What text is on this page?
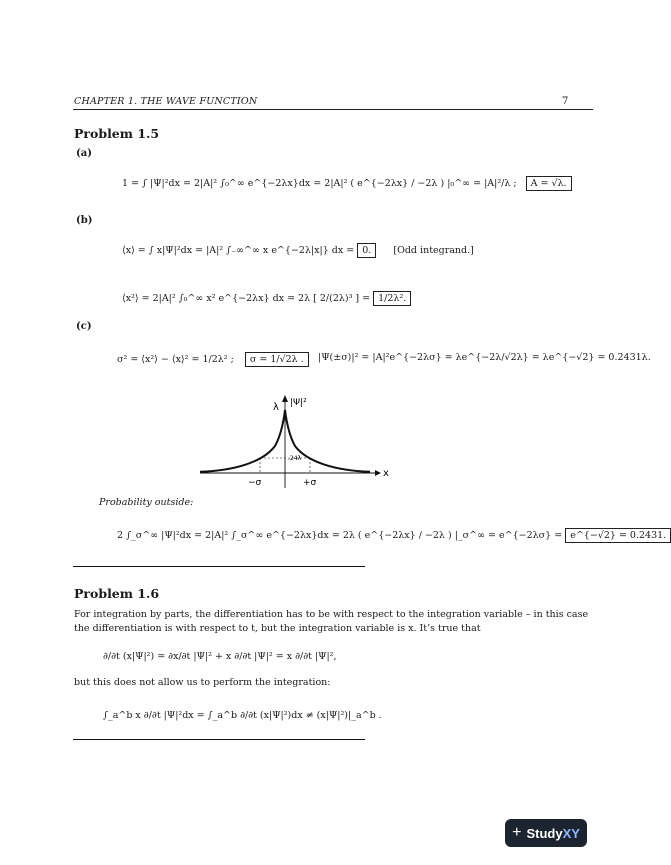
CHAPTER 1. THE WAVE FUNCTION	7
Problem 1.5
(a)
1 = ∫ |Ψ|²dx = 2|A|² ∫₀^∞ e^{−2λx}dx = 2|A|² ( e^{−2λx} / −2λ ) |₀^∞ = |A|²/λ ; A = √λ.
(b)
⟨x⟩ = ∫ x|Ψ|²dx = |A|² ∫₋∞^∞ x e^{−2λ|x|} dx = 0. [Odd integrand.]
⟨x²⟩ = 2|A|² ∫₀^∞ x² e^{−2λx} dx = 2λ [ 2/(2λ)³ ] = 1/2λ².
(c)
σ² = ⟨x²⟩ − ⟨x⟩² = 1/2λ² ; σ = 1/√2λ .	|Ψ(±σ)|² = |A|²e^{−2λσ} = λe^{−2λ/√2λ} = λe^{−√2} = 0.2431λ.
λ |Ψ|²
x
.24λ
−σ	+σ
Probability outside:
2 ∫_σ^∞ |Ψ|²dx = 2|A|² ∫_σ^∞ e^{−2λx}dx = 2λ ( e^{−2λx} / −2λ ) |_σ^∞ = e^{−2λσ} = e^{−√2} = 0.2431.
Problem 1.6
For integration by parts, the differentiation has to be with respect to the integration variable – in this case the differentiation is with respect to t, but the integration variable is x. It’s true that
∂/∂t (x|Ψ|²) = ∂x/∂t |Ψ|² + x ∂/∂t |Ψ|² = x ∂/∂t |Ψ|²,
but this does not allow us to perform the integration:
∫_a^b x ∂/∂t |Ψ|²dx = ∫_a^b ∂/∂t (x|Ψ|²)dx ≠ (x|Ψ|²)|_a^b .
+ StudyXY
